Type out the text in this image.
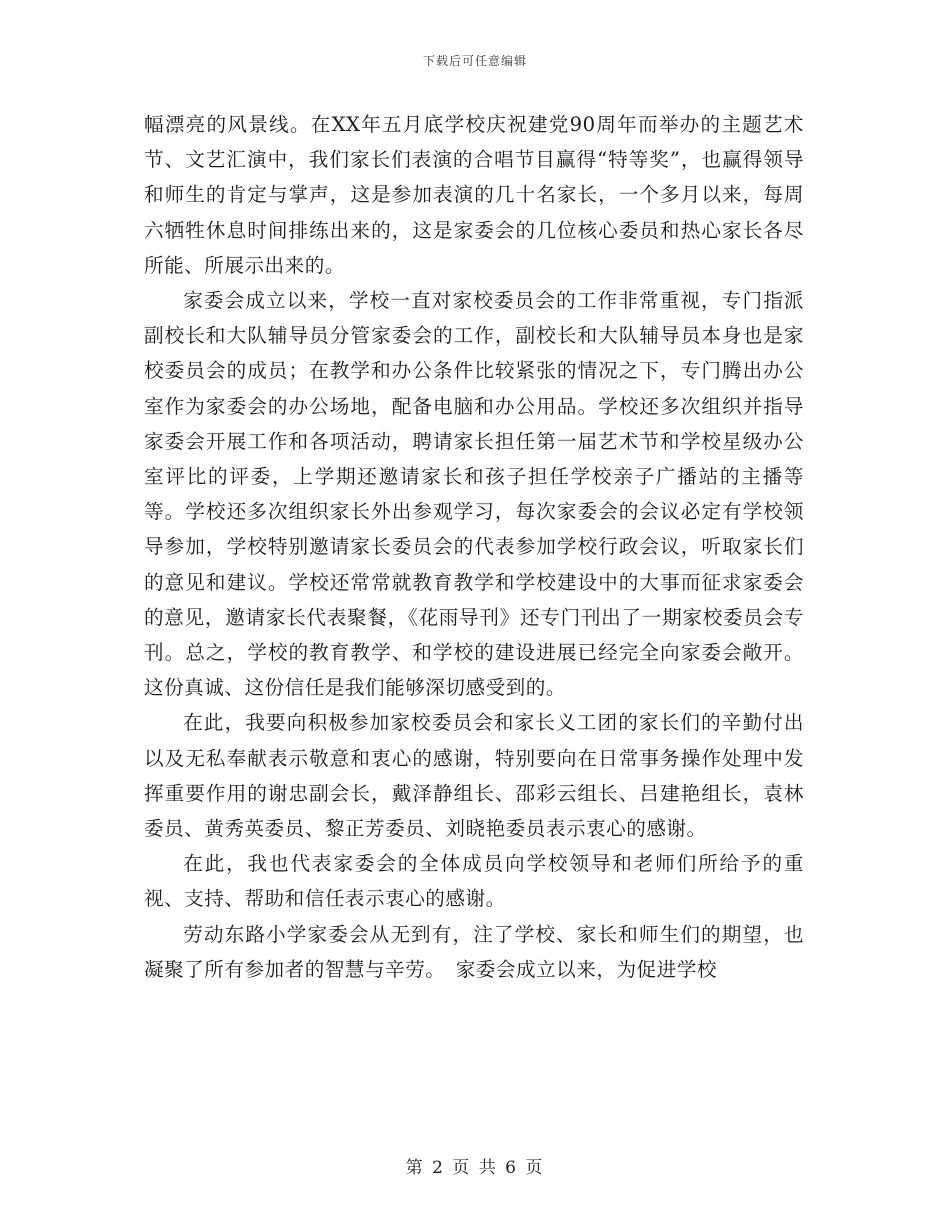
下载后可任意编辑

幅漂亮的风景线。在XX年五月底学校庆祝建党90周年而举办的主题艺术节、文艺汇演中，我们家长们表演的合唱节目赢得“特等奖”，也赢得领导和师生的肯定与掌声，这是参加表演的几十名家长，一个多月以来，每周六牺牲休息时间排练出来的，这是家委会的几位核心委员和热心家长各尽所能、所展示出来的。

家委会成立以来，学校一直对家校委员会的工作非常重视，专门指派副校长和大队辅导员分管家委会的工作，副校长和大队辅导员本身也是家校委员会的成员；在教学和办公条件比较紧张的情况之下，专门腾出办公室作为家委会的办公场地，配备电脑和办公用品。学校还多次组织并指导家委会开展工作和各项活动，聘请家长担任第一届艺术节和学校星级办公室评比的评委，上学期还邀请家长和孩子担任学校亲子广播站的主播等等。学校还多次组织家长外出参观学习，每次家委会的会议必定有学校领导参加，学校特别邀请家长委员会的代表参加学校行政会议，听取家长们的意见和建议。学校还常常就教育教学和学校建设中的大事而征求家委会的意见，邀请家长代表聚餐，《花雨导刊》还专门刊出了一期家校委员会专刊。总之，学校的教育教学、和学校的建设进展已经完全向家委会敞开。这份真诚、这份信任是我们能够深切感受到的。

在此，我要向积极参加家校委员会和家长义工团的家长们的辛勤付出以及无私奉献表示敬意和衷心的感谢，特别要向在日常事务操作处理中发挥重要作用的谢忠副会长，戴泽静组长、邵彩云组长、吕建艳组长，袁林委员、黄秀英委员、黎正芳委员、刘晓艳委员表示衷心的感谢。

在此，我也代表家委会的全体成员向学校领导和老师们所给予的重视、支持、帮助和信任表示衷心的感谢。

劳动东路小学家委会从无到有，注了学校、家长和师生们的期望，也凝聚了所有参加者的智慧与辛劳。　家委会成立以来，为促进学校

第 2 页 共 6 页
